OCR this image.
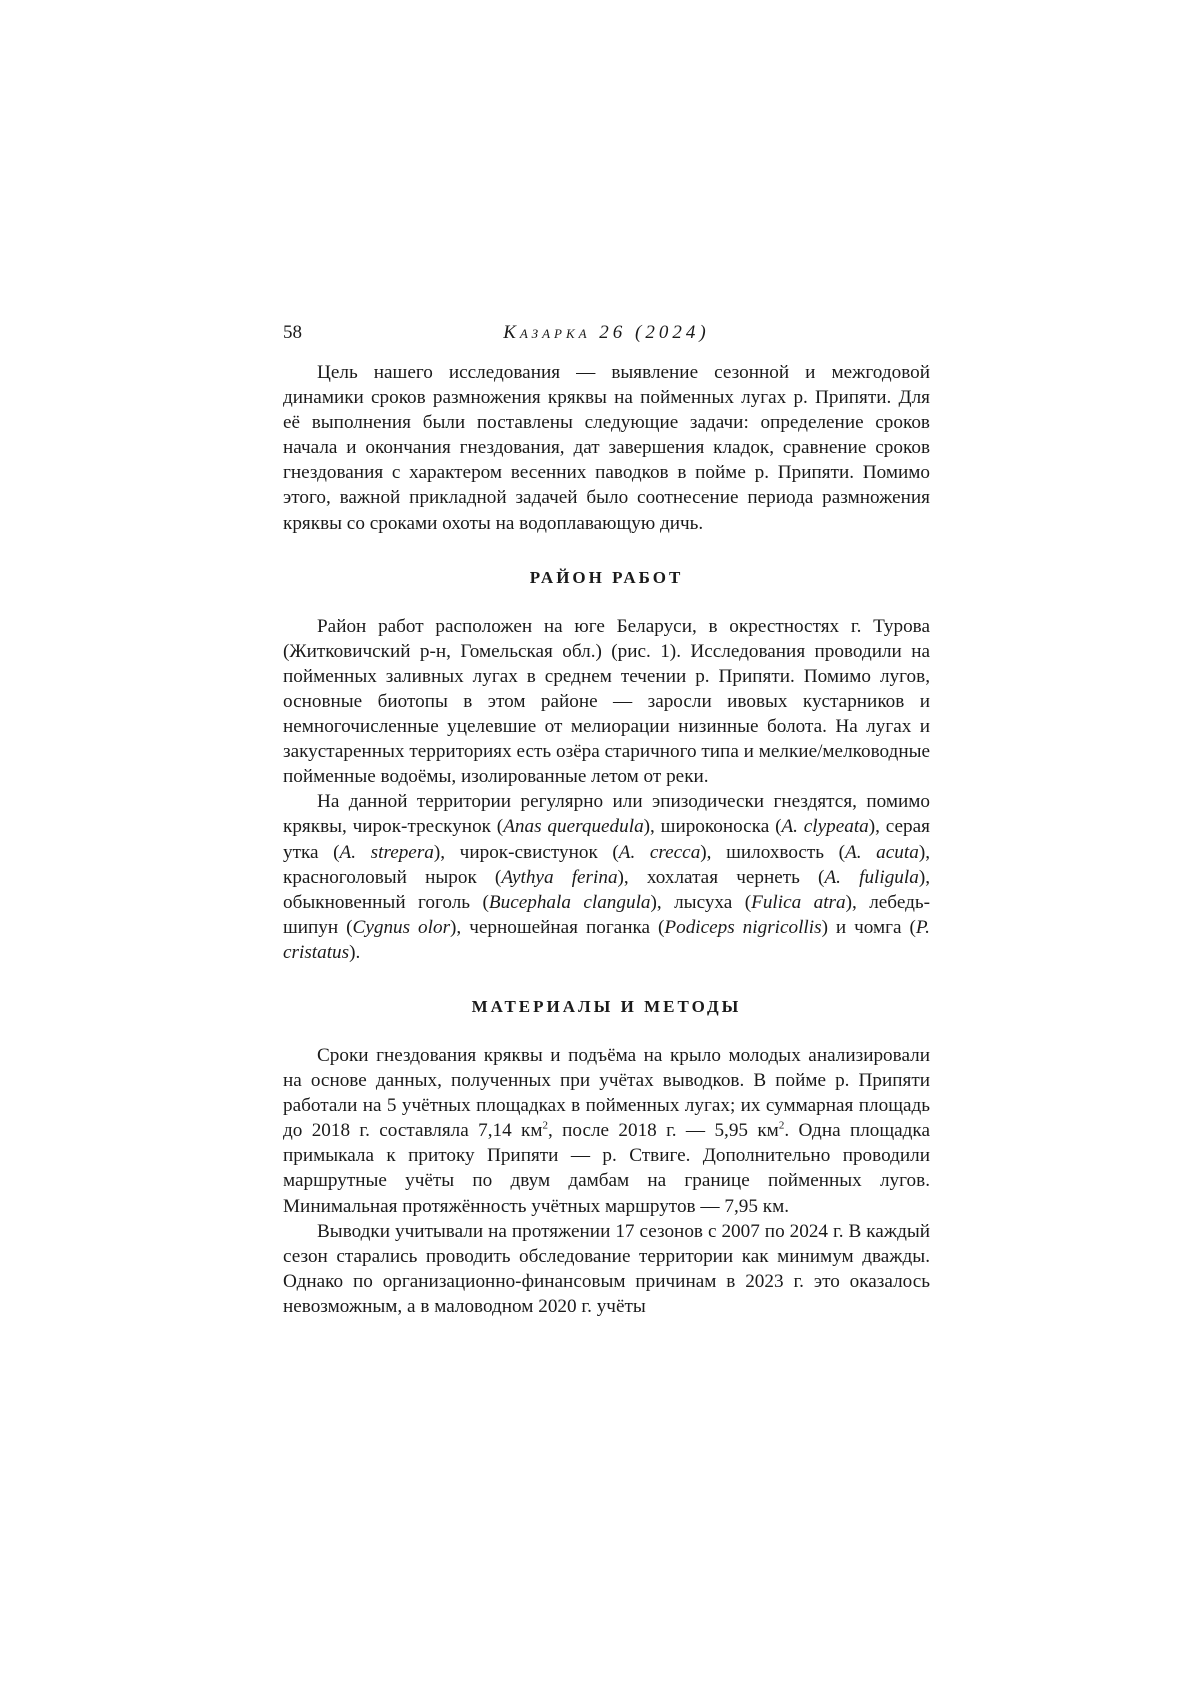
58	Казарка 26 (2024)

Цель нашего исследования — выявление сезонной и межгодовой динамики сроков размножения кряквы на пойменных лугах р. Припяти. Для её выполнения были поставлены следующие задачи: определение сроков начала и окончания гнездования, дат завершения кладок, сравнение сроков гнездования с характером весенних паводков в пойме р. Припяти. Помимо этого, важной прикладной задачей было соотнесение периода размножения кряквы со сроками охоты на водоплавающую дичь.

РАЙОН РАБОТ

Район работ расположен на юге Беларуси, в окрестностях г. Турова (Житковичский р-н, Гомельская обл.) (рис. 1). Исследования проводили на пойменных заливных лугах в среднем течении р. Припяти. Помимо лугов, основные биотопы в этом районе — заросли ивовых кустарников и немногочисленные уцелевшие от мелиорации низинные болота. На лугах и закустаренных территориях есть озёра старичного типа и мелкие/мелководные пойменные водоёмы, изолированные летом от реки.

На данной территории регулярно или эпизодически гнездятся, помимо кряквы, чирок-трескунок (Anas querquedula), широконоска (A. clypeata), серая утка (A. strepera), чирок-свистунок (A. crecca), шилохвость (A. acuta), красноголовый нырок (Aythya ferina), хохлатая чернеть (A. fuligula), обыкновенный гоголь (Bucephala clangula), лысуха (Fulica atra), лебедь-шипун (Cygnus olor), черношейная поганка (Podiceps nigricollis) и чомга (P. cristatus).

МАТЕРИАЛЫ И МЕТОДЫ

Сроки гнездования кряквы и подъёма на крыло молодых анализировали на основе данных, полученных при учётах выводков. В пойме р. Припяти работали на 5 учётных площадках в пойменных лугах; их суммарная площадь до 2018 г. составляла 7,14 км2, после 2018 г. — 5,95 км2. Одна площадка примыкала к притоку Припяти — р. Ствиге. Дополнительно проводили маршрутные учёты по двум дамбам на границе пойменных лугов. Минимальная протяжённость учётных маршрутов — 7,95 км.

Выводки учитывали на протяжении 17 сезонов с 2007 по 2024 г. В каждый сезон старались проводить обследование территории как минимум дважды. Однако по организационно-финансовым причинам в 2023 г. это оказалось невозможным, а в маловодном 2020 г. учёты
